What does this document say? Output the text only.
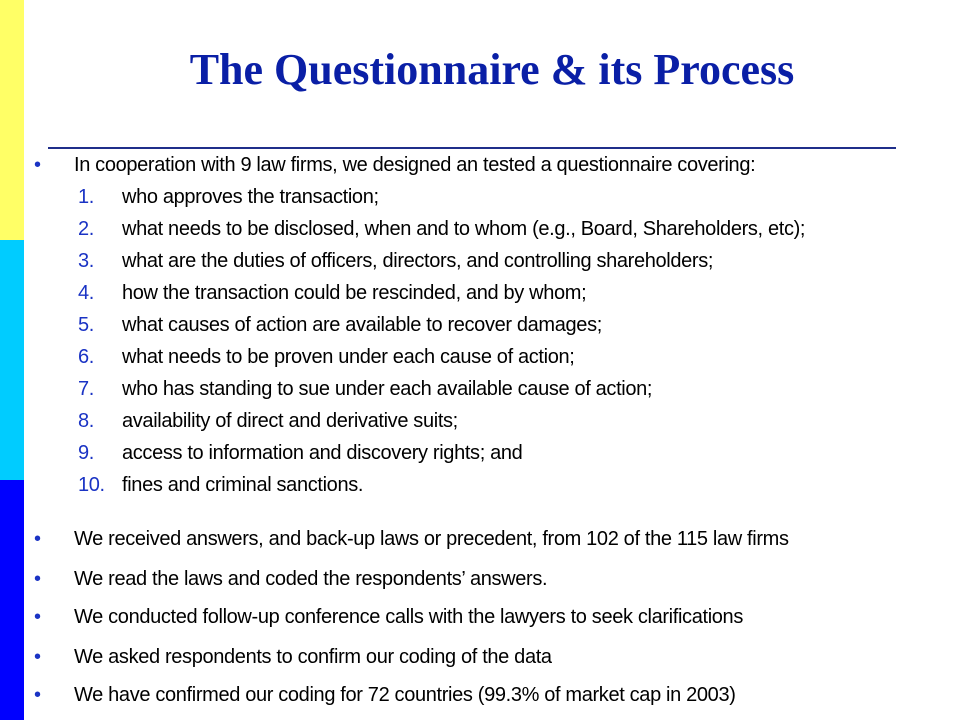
The Questionnaire & its Process
• In cooperation with 9 law firms, we designed an tested a questionnaire covering:
1. who approves the transaction;
2. what needs to be disclosed, when and to whom (e.g., Board, Shareholders, etc);
3. what are the duties of officers, directors, and controlling shareholders;
4. how the transaction could be rescinded, and by whom;
5. what causes of action are available to recover damages;
6. what needs to be proven under each cause of action;
7. who has standing to sue under each available cause of action;
8. availability of direct and derivative suits;
9. access to information and discovery rights; and
10. fines and criminal sanctions.
• We received answers, and back-up laws or precedent, from 102 of the 115 law firms
• We read the laws and coded the respondents’ answers.
• We conducted follow-up conference calls with the lawyers to seek clarifications
• We asked respondents to confirm our coding of the data
• We have confirmed our coding for 72 countries (99.3% of market cap in 2003)
